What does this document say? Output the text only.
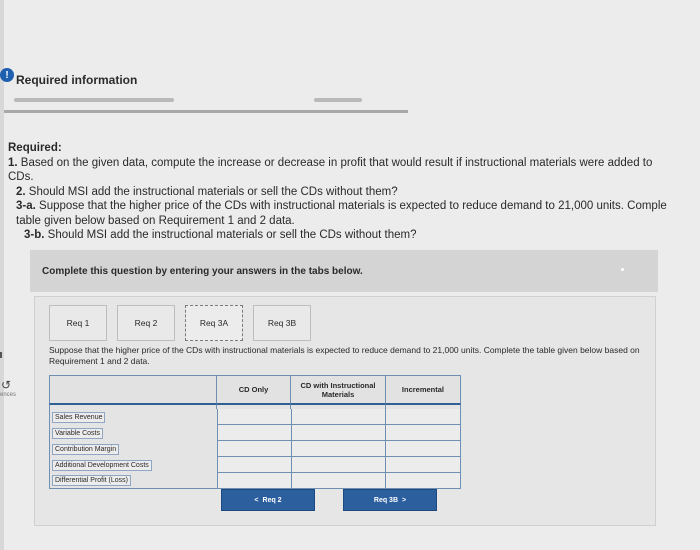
! Required information

Required:

1. Based on the given data, compute the increase or decrease in profit that would result if instructional materials were added to

CDs.

2. Should MSI add the instructional materials or sell the CDs without them?

3-a. Suppose that the higher price of the CDs with instructional materials is expected to reduce demand to 21,000 units. Comple

table given below based on Requirement 1 and 2 data.

3-b. Should MSI add the instructional materials or sell the CDs without them?

Complete this question by entering your answers in the tabs below.
↺
ences
Req 1	Req 2	Req 3A	Req 3B
Suppose that the higher price of the CDs with instructional materials is expected to reduce demand to 21,000 units. Complete the table given below based on Requirement 1 and 2 data.
CD Only	CD with Instructional Materials	Incremental
Sales Revenue
Variable Costs
Contribution Margin
Additional Development Costs
Differential Profit (Loss)
< Req 2	Req 3B >
